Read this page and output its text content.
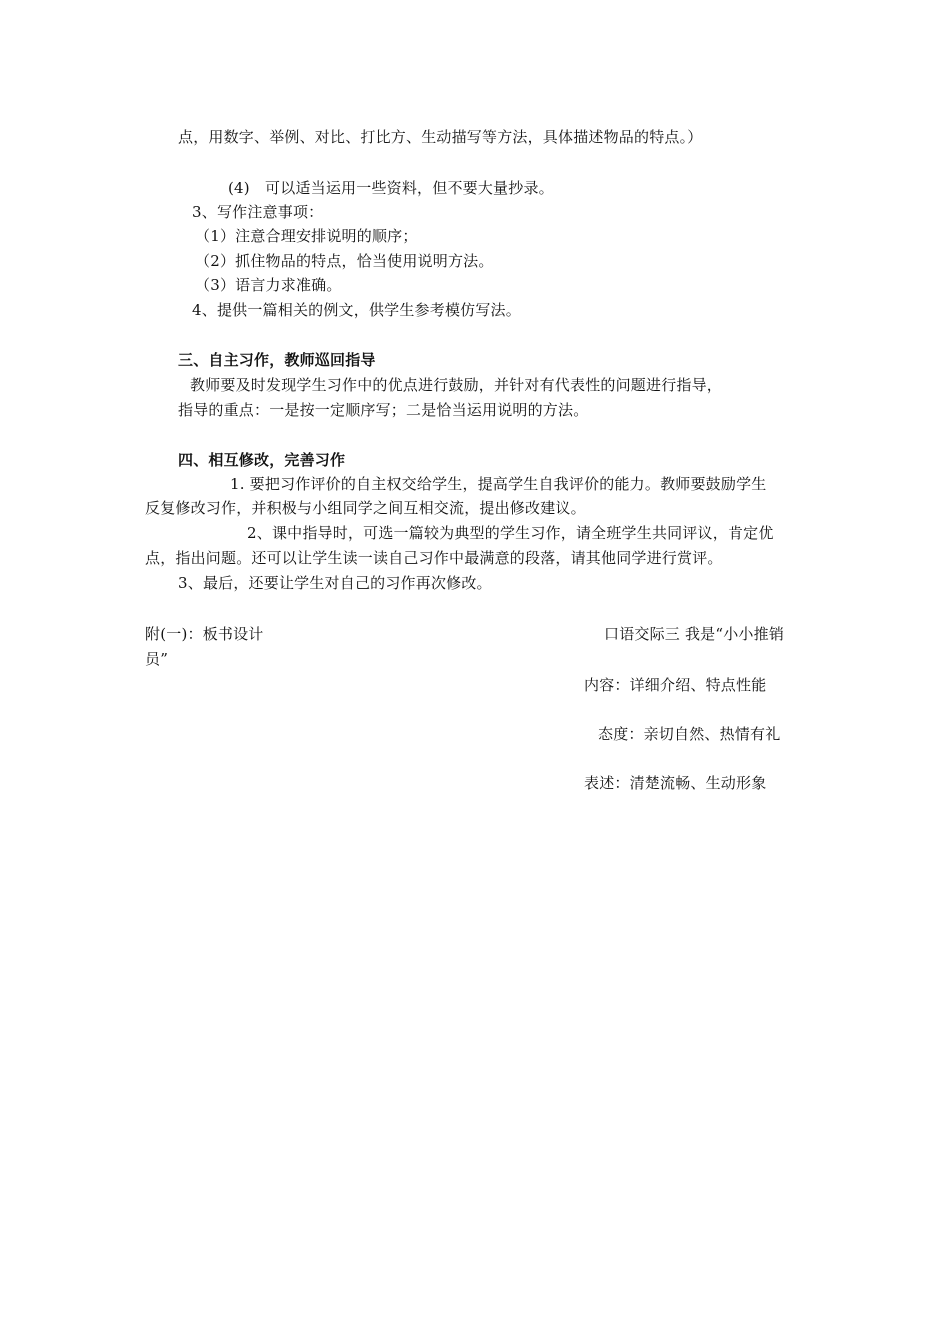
点，用数字、举例、对比、打比方、生动描写等方法，具体描述物品的特点。）
(4)　可以适当运用一些资料，但不要大量抄录。
3、写作注意事项：
（1）注意合理安排说明的顺序；
（2）抓住物品的特点，恰当使用说明方法。
（3）语言力求准确。
4、提供一篇相关的例文，供学生参考模仿写法。
三、自主习作，教师巡回指导
教师要及时发现学生习作中的优点进行鼓励，并针对有代表性的问题进行指导，
指导的重点：一是按一定顺序写；二是恰当运用说明的方法。
四、相互修改，完善习作
1. 要把习作评价的自主权交给学生，提高学生自我评价的能力。教师要鼓励学生
反复修改习作，并积极与小组同学之间互相交流，提出修改建议。
2、课中指导时，可选一篇较为典型的学生习作，请全班学生共同评议，肯定优
点，指出问题。还可以让学生读一读自己习作中最满意的段落，请其他同学进行赏评。
3、最后，还要让学生对自己的习作再次修改。
附(一)：板书设计	口语交际三 我是“小小推销
员”
内容：详细介绍、特点性能
态度：亲切自然、热情有礼
表述：清楚流畅、生动形象
